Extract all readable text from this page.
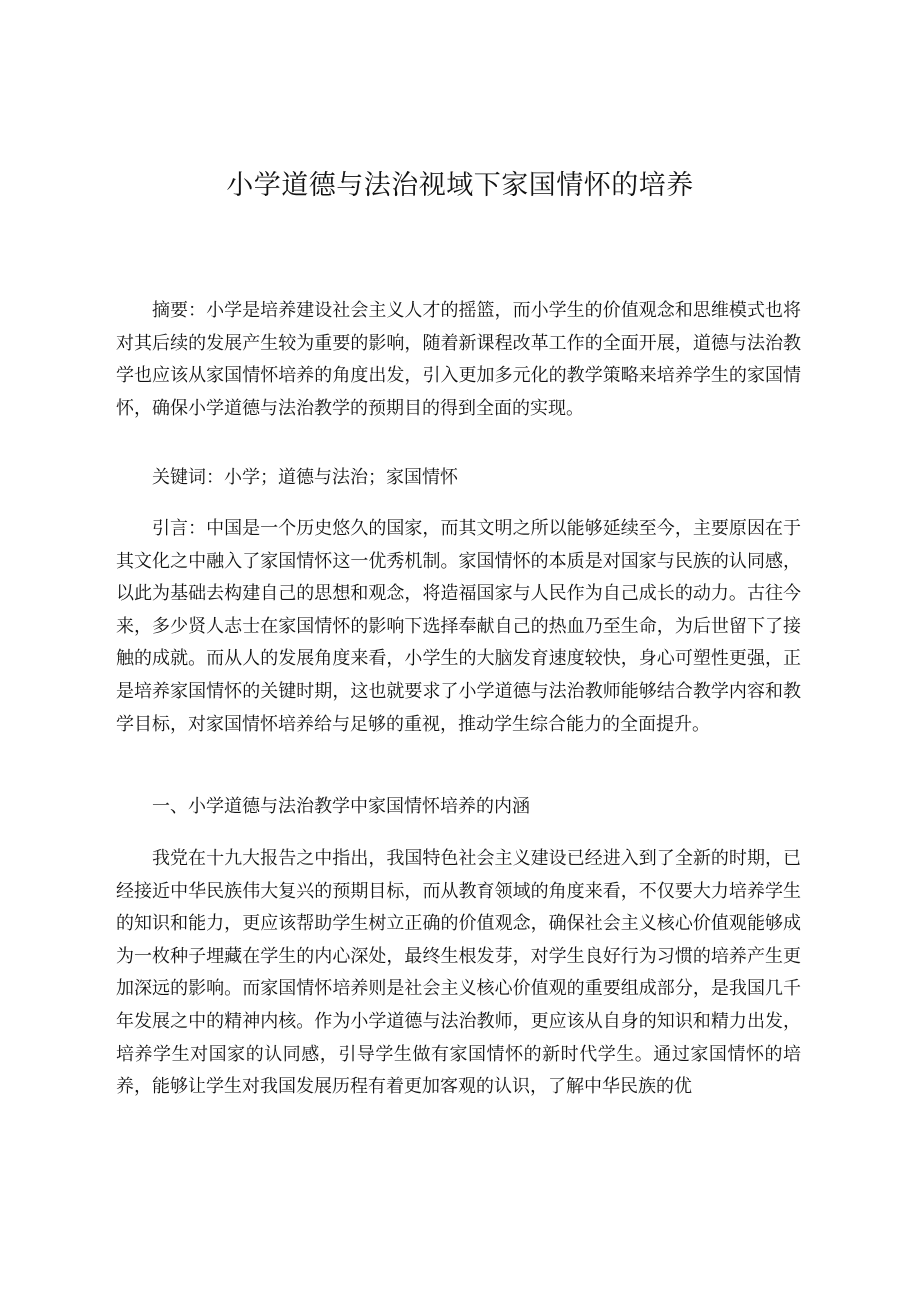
小学道德与法治视域下家国情怀的培养

摘要：小学是培养建设社会主义人才的摇篮，而小学生的价值观念和思维模式也将对其后续的发展产生较为重要的影响，随着新课程改革工作的全面开展，道德与法治教学也应该从家国情怀培养的角度出发，引入更加多元化的教学策略来培养学生的家国情怀，确保小学道德与法治教学的预期目的得到全面的实现。

关键词：小学；道德与法治；家国情怀

引言：中国是一个历史悠久的国家，而其文明之所以能够延续至今，主要原因在于其文化之中融入了家国情怀这一优秀机制。家国情怀的本质是对国家与民族的认同感，以此为基础去构建自己的思想和观念，将造福国家与人民作为自己成长的动力。古往今来，多少贤人志士在家国情怀的影响下选择奉献自己的热血乃至生命，为后世留下了接触的成就。而从人的发展角度来看，小学生的大脑发育速度较快，身心可塑性更强，正是培养家国情怀的关键时期，这也就要求了小学道德与法治教师能够结合教学内容和教学目标，对家国情怀培养给与足够的重视，推动学生综合能力的全面提升。

一、小学道德与法治教学中家国情怀培养的内涵

我党在十九大报告之中指出，我国特色社会主义建设已经进入到了全新的时期，已经接近中华民族伟大复兴的预期目标，而从教育领域的角度来看，不仅要大力培养学生的知识和能力，更应该帮助学生树立正确的价值观念，确保社会主义核心价值观能够成为一枚种子埋藏在学生的内心深处，最终生根发芽，对学生良好行为习惯的培养产生更加深远的影响。而家国情怀培养则是社会主义核心价值观的重要组成部分，是我国几千年发展之中的精神内核。作为小学道德与法治教师，更应该从自身的知识和精力出发，培养学生对国家的认同感，引导学生做有家国情怀的新时代学生。通过家国情怀的培养，能够让学生对我国发展历程有着更加客观的认识，了解中华民族的优
